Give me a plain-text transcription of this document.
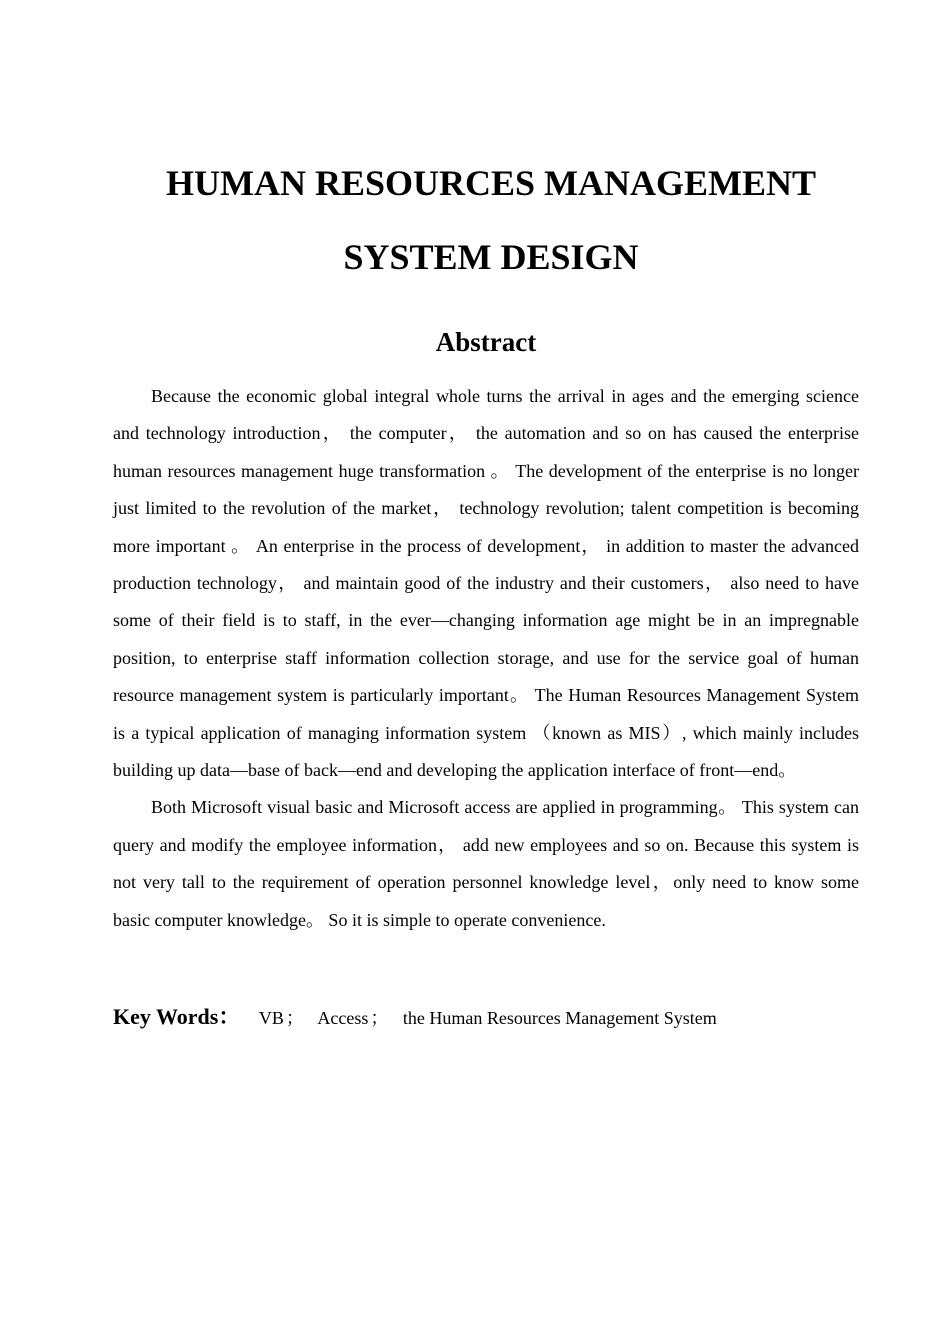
HUMAN RESOURCES MANAGEMENT

SYSTEM DESIGN

Abstract

Because the economic global integral whole turns the arrival in ages and the emerging science and technology introduction， the computer， the automation and so on has caused the enterprise human resources management huge transformation 。 The development of the enterprise is no longer just limited to the revolution of the market， technology revolution; talent competition is becoming more important 。 An enterprise in the process of development， in addition to master the advanced production technology， and maintain good of the industry and their customers， also need to have some of their field is to staff, in the ever—changing information age might be in an impregnable position, to enterprise staff information collection storage, and use for the service goal of human resource management system is particularly important。 The Human Resources Management System is a typical application of managing information system （known as MIS）, which mainly includes building up data—base of back—end and developing the application interface of front—end。

Both Microsoft visual basic and Microsoft access are applied in programming。 This system can query and modify the employee information， add new employees and so on. Because this system is not very tall to the requirement of operation personnel knowledge level，only need to know some basic computer knowledge。 So it is simple to operate convenience.

Key Words： VB ； Access ； the Human Resources Management System
